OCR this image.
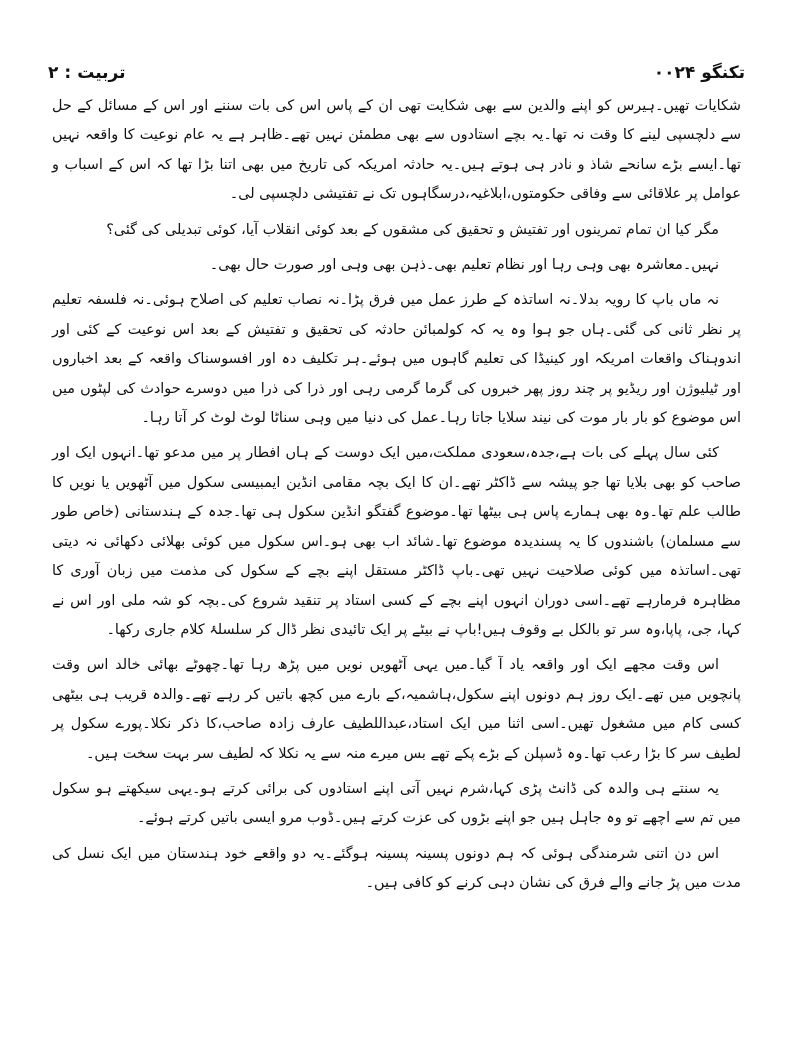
تکنگو
۰۰۲۴
تربیت
:
۲

شکایات تھیں۔ہیرس کو اپنے والدین سے بھی شکایت تھی ان کے پاس اس کی بات سننے اور اس کے مسائل کے حل سے دلچسپی لینے کا وقت نہ تھا۔یہ بچے استادوں سے بھی مطمئن نہیں تھے۔ظاہر ہے یہ عام نوعیت کا واقعہ نہیں تھا۔ایسے بڑے سانحے شاذ و نادر ہی ہوتے ہیں۔یہ حادثہ امریکہ کی تاریخ میں بھی اتنا بڑا تھا کہ اس کے اسباب و عوامل پر علاقائی سے وفاقی حکومتوں،ابلاغیہ،درسگاہوں تک نے تفتیشی دلچسپی لی۔

مگر کیا ان تمام تمرینوں اور تفتیش و تحقیق کی مشقوں کے بعد کوئی انقلاب آیا، کوئی تبدیلی کی گئی؟

نہیں۔معاشرہ بھی وہی رہا اور نظام تعلیم بھی۔ذہن بھی وہی اور صورت حال بھی۔

نہ ماں باپ کا رویہ بدلا۔نہ اساتذہ کے طرز عمل میں فرق پڑا۔نہ نصاب تعلیم کی اصلاح ہوئی۔نہ فلسفہ تعلیم پر نظر ثانی کی گئی۔ہاں جو ہوا وہ یہ کہ کولمبائن حادثہ کی تحقیق و تفتیش کے بعد اس نوعیت کے کئی اور اندوہناک واقعات امریکہ اور کینیڈا کی تعلیم گاہوں میں ہوئے۔ہر تکلیف دہ اور افسوسناک واقعہ کے بعد اخباروں اور ٹیلیوژن اور ریڈیو پر چند روز پھر خبروں کی گرما گرمی رہی اور ذرا کی ذرا میں دوسرے حوادث کی لپٹوں میں اس موضوع کو بار بار موت کی نیند سلایا جاتا رہا۔عمل کی دنیا میں وہی سناٹا لوٹ لوٹ کر آتا رہا۔

کئی سال پہلے کی بات ہے،جدہ،سعودی مملکت،میں ایک دوست کے ہاں افطار پر میں مدعو تھا۔انہوں ایک اور صاحب کو بھی بلایا تھا جو پیشہ سے ڈاکٹر تھے۔ان کا ایک بچہ مقامی انڈین ایمبیسی سکول میں آٹھویں یا نویں کا طالب علم تھا۔وہ بھی ہمارے پاس ہی بیٹھا تھا۔موضوع گفتگو انڈین سکول ہی تھا۔جدہ کے ہندستانی (خاص طور سے مسلمان) باشندوں کا یہ پسندیدہ موضوع تھا۔شائد اب بھی ہو۔اس سکول میں کوئی بھلائی دکھائی نہ دیتی تھی۔اساتذہ میں کوئی صلاحیت نہیں تھی۔باپ ڈاکٹر مستقل اپنے بچے کے سکول کی مذمت میں زبان آوری کا مظاہرہ فرمارہے تھے۔اسی دوران انہوں اپنے بچے کے کسی استاد پر تنقید شروع کی۔بچہ کو شہ ملی اور اس نے کہا، جی، پاپا،وہ سر تو بالکل بے وقوف ہیں!باپ نے بیٹے پر ایک تائیدی نظر ڈال کر سلسلۂ کلام جاری رکھا۔

اس وقت مجھے ایک اور واقعہ یاد آ گیا۔میں یہی آٹھویں نویں میں پڑھ رہا تھا۔چھوٹے بھائی خالد اس وقت پانچویں میں تھے۔ایک روز ہم دونوں اپنے سکول،ہاشمیہ،کے بارے میں کچھ باتیں کر رہے تھے۔والدہ قریب ہی بیٹھی کسی کام میں مشغول تھیں۔اسی اثنا میں ایک استاد،عبداللطیف عارف زادہ صاحب،کا ذکر نکلا۔پورے سکول پر لطیف سر کا بڑا رعب تھا۔وہ ڈسپلن کے بڑے پکے تھے بس میرے منہ سے یہ نکلا کہ لطیف سر بہت سخت ہیں۔

یہ سنتے ہی والدہ کی ڈانٹ پڑی کہا،شرم نہیں آتی اپنے استادوں کی برائی کرتے ہو۔یہی سیکھتے ہو سکول میں تم سے اچھے تو وہ جاہل ہیں جو اپنے بڑوں کی عزت کرتے ہیں۔ڈوب مرو ایسی باتیں کرتے ہوئے۔

اس دن اتنی شرمندگی ہوئی کہ ہم دونوں پسینہ پسینہ ہوگئے۔یہ دو واقعے خود ہندستان میں ایک نسل کی مدت میں پڑ جانے والے فرق کی نشان دہی کرنے کو کافی ہیں۔
